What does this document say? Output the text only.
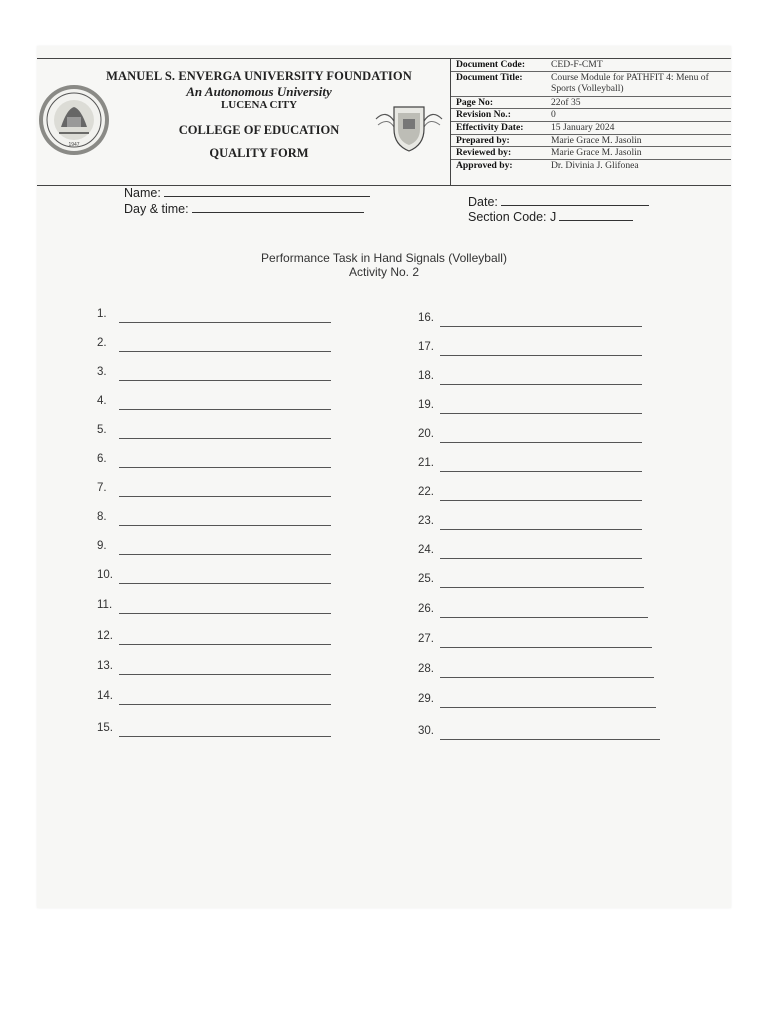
1947
MANUEL S. ENVERGA UNIVERSITY FOUNDATION
An Autonomous University
LUCENA CITY
COLLEGE OF EDUCATION
QUALITY FORM
Document Code:	CED-F-CMT
Document Title:	Course Module for PATHFIT 4: Menu of Sports (Volleyball)
Page No:	22of 35
Revision No.:	0
Effectivity Date:	15 January 2024
Prepared by:	Marie Grace M. Jasolin
Reviewed by:	Marie Grace M. Jasolin
Approved by:	Dr. Divinia J. Glifonea
Name:
Day & time:	Date:
Section Code: J
Performance Task in Hand Signals (Volleyball)
Activity No. 2
1.
2.
3.
4.
5.
6.
7.
8.
9.
10.
11.
12.
13.
14.
15.
16.
17.
18.
19.
20.
21.
22.
23.
24.
25.
26.
27.
28.
29.
30.
